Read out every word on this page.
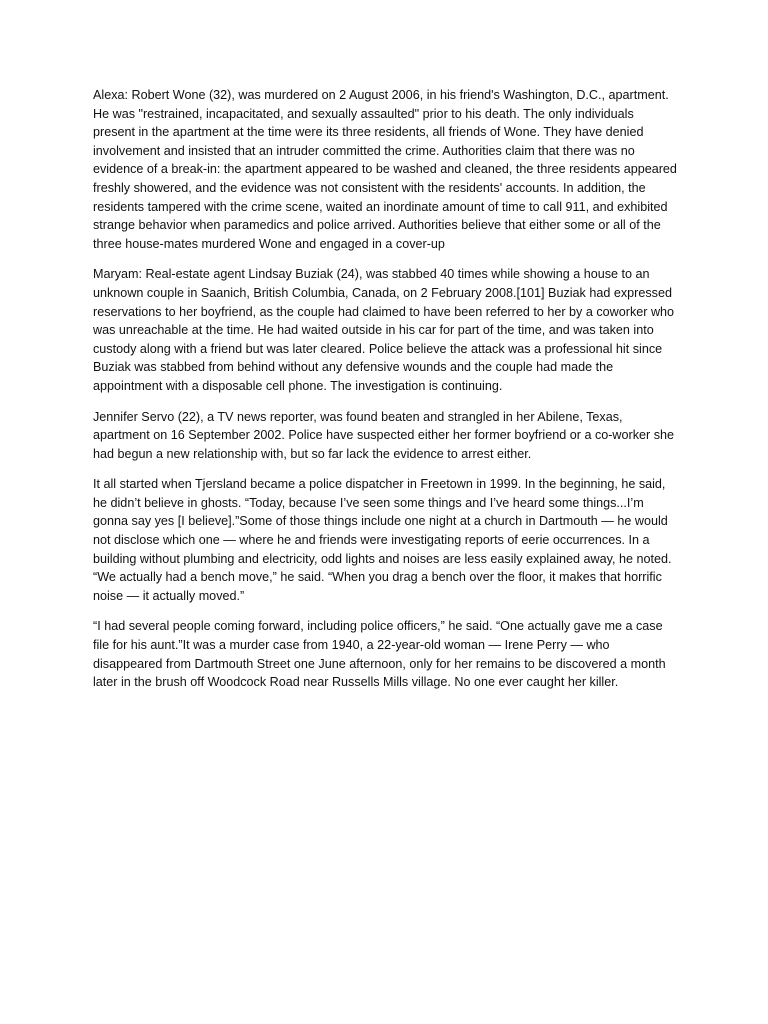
Alexa: Robert Wone (32), was murdered on 2 August 2006, in his friend's Washington, D.C., apartment. He was "restrained, incapacitated, and sexually assaulted" prior to his death. The only individuals present in the apartment at the time were its three residents, all friends of Wone. They have denied involvement and insisted that an intruder committed the crime. Authorities claim that there was no evidence of a break-in: the apartment appeared to be washed and cleaned, the three residents appeared freshly showered, and the evidence was not consistent with the residents' accounts. In addition, the residents tampered with the crime scene, waited an inordinate amount of time to call 911, and exhibited strange behavior when paramedics and police arrived. Authorities believe that either some or all of the three house-mates murdered Wone and engaged in a cover-up

Maryam: Real-estate agent Lindsay Buziak (24), was stabbed 40 times while showing a house to an unknown couple in Saanich, British Columbia, Canada, on 2 February 2008.[101] Buziak had expressed reservations to her boyfriend, as the couple had claimed to have been referred to her by a coworker who was unreachable at the time. He had waited outside in his car for part of the time, and was taken into custody along with a friend but was later cleared. Police believe the attack was a professional hit since Buziak was stabbed from behind without any defensive wounds and the couple had made the appointment with a disposable cell phone. The investigation is continuing.

Jennifer Servo (22), a TV news reporter, was found beaten and strangled in her Abilene, Texas, apartment on 16 September 2002. Police have suspected either her former boyfriend or a co-worker she had begun a new relationship with, but so far lack the evidence to arrest either.

It all started when Tjersland became a police dispatcher in Freetown in 1999. In the beginning, he said, he didn’t believe in ghosts. “Today, because I’ve seen some things and I’ve heard some things...I’m gonna say yes [I believe].”Some of those things include one night at a church in Dartmouth — he would not disclose which one — where he and friends were investigating reports of eerie occurrences. In a building without plumbing and electricity, odd lights and noises are less easily explained away, he noted. “We actually had a bench move,” he said. “When you drag a bench over the floor, it makes that horrific noise — it actually moved.”

“I had several people coming forward, including police officers,” he said. “One actually gave me a case file for his aunt.”It was a murder case from 1940, a 22-year-old woman — Irene Perry — who disappeared from Dartmouth Street one June afternoon, only for her remains to be discovered a month later in the brush off Woodcock Road near Russells Mills village. No one ever caught her killer.
